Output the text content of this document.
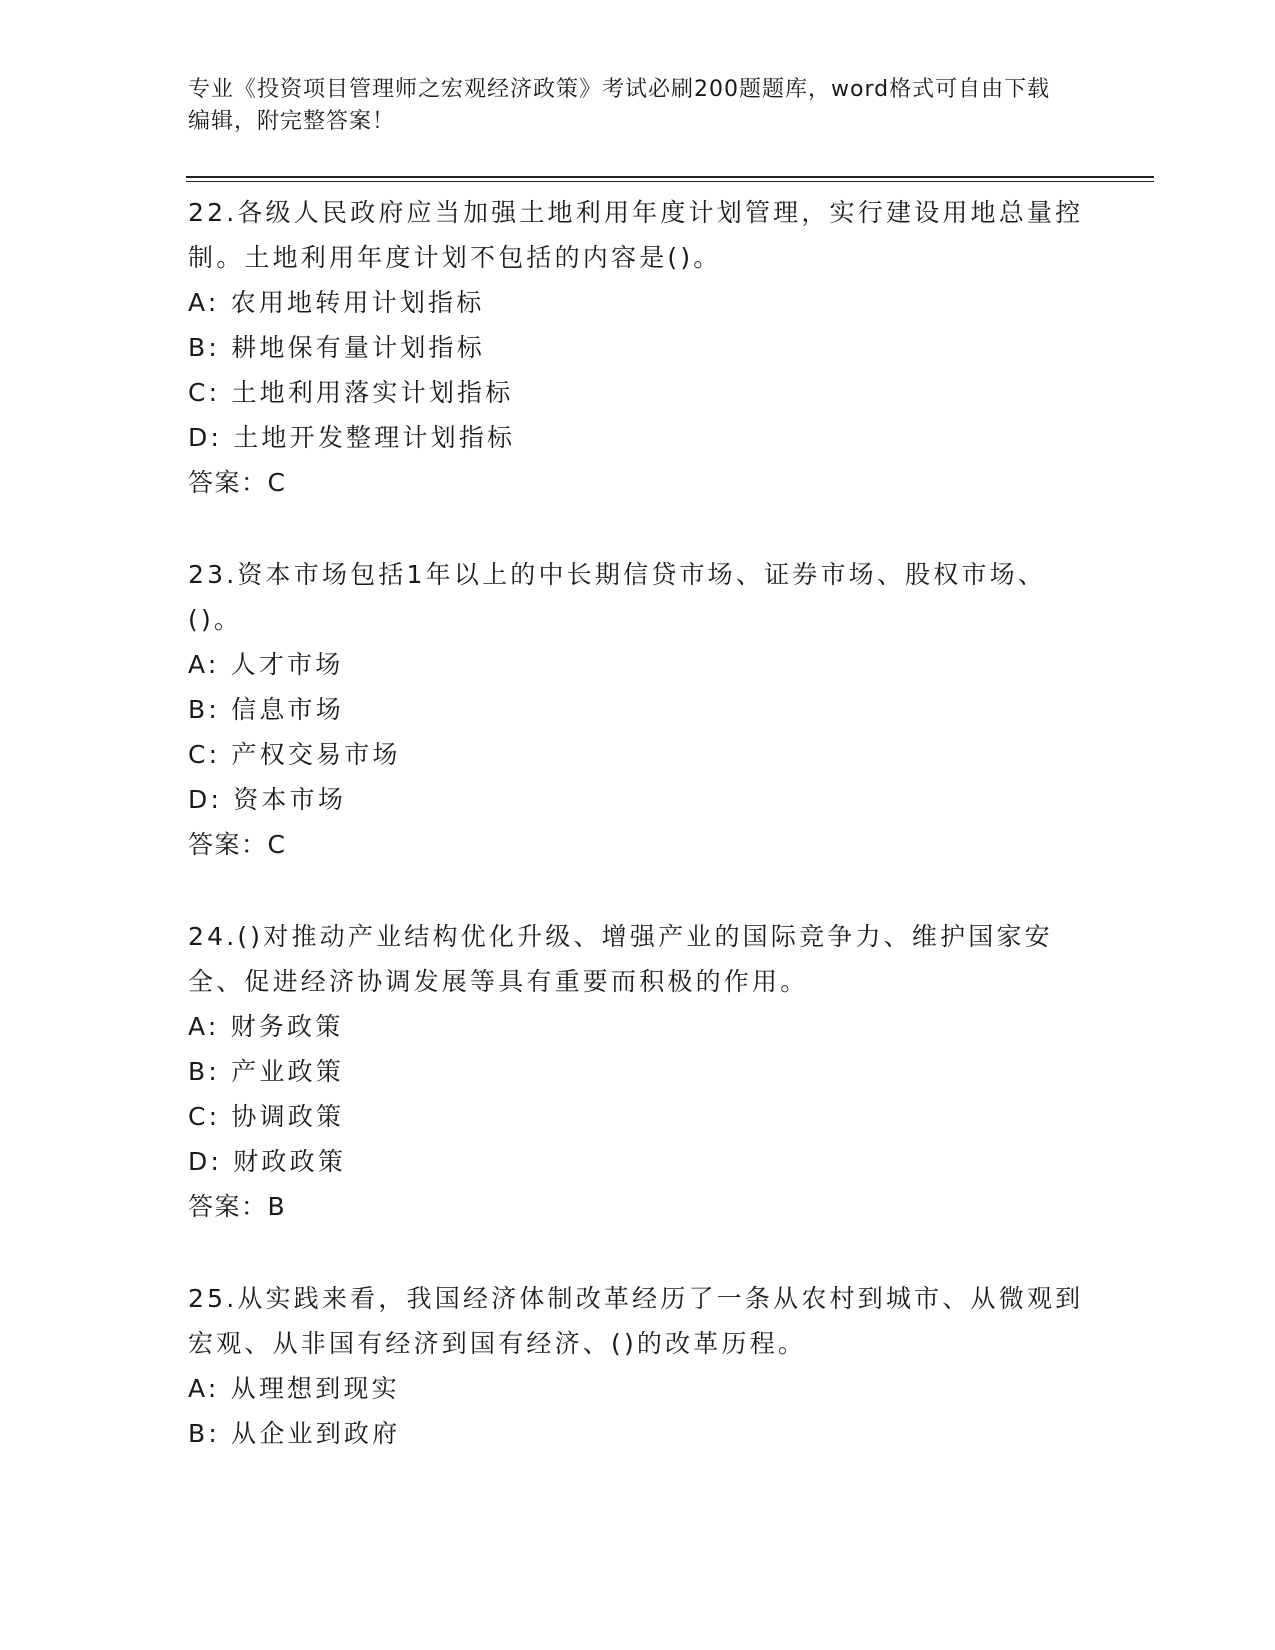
专业《投资项目管理师之宏观经济政策》考试必刷200题题库，word格式可自由下载编辑，附完整答案！

22.各级人民政府应当加强土地利用年度计划管理，实行建设用地总量控制。土地利用年度计划不包括的内容是()。

A: 农用地转用计划指标

B: 耕地保有量计划指标

C: 土地利用落实计划指标

D: 土地开发整理计划指标

答案：C

23.资本市场包括1年以上的中长期信贷市场、证券市场、股权市场、()。

A: 人才市场

B: 信息市场

C: 产权交易市场

D: 资本市场

答案：C

24.()对推动产业结构优化升级、增强产业的国际竞争力、维护国家安全、促进经济协调发展等具有重要而积极的作用。

A: 财务政策

B: 产业政策

C: 协调政策

D: 财政政策

答案：B

25.从实践来看，我国经济体制改革经历了一条从农村到城市、从微观到宏观、从非国有经济到国有经济、()的改革历程。

A: 从理想到现实

B: 从企业到政府
